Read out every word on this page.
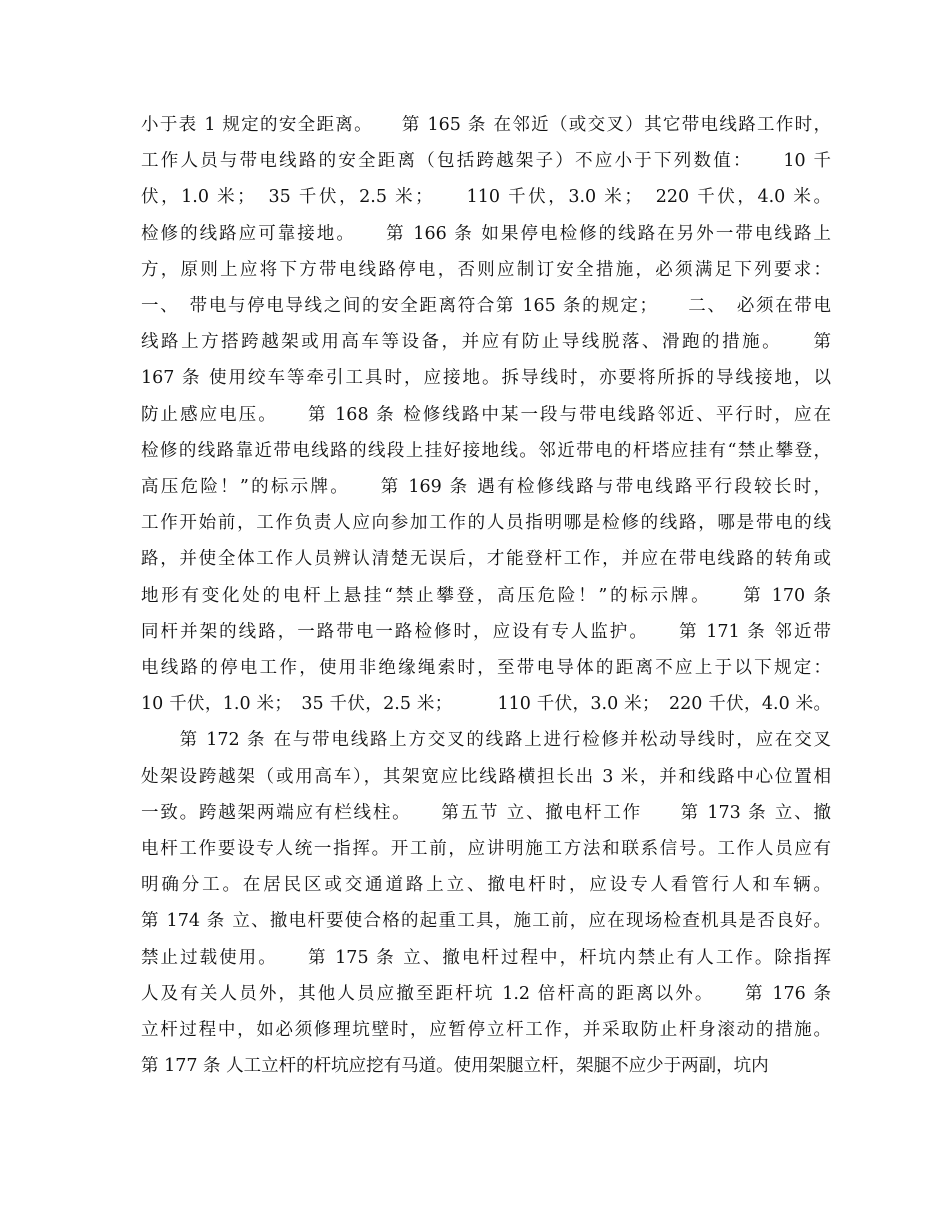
小于表 1 规定的安全距离。　　第 165 条 在邻近（或交叉）其它带电线路工作时，
工作人员与带电线路的安全距离（包括跨越架子）不应小于下列数值：　　10 千
伏，1.0 米；　35 千伏，2.5 米；　　110 千伏，3.0 米；　220 千伏，4.0 米。
检修的线路应可靠接地。　　第 166 条 如果停电检修的线路在另外一带电线路上
方，原则上应将下方带电线路停电，否则应制订安全措施，必须满足下列要求：
一、　带电与停电导线之间的安全距离符合第 165 条的规定；　　二、　必须在带电
线路上方搭跨越架或用高车等设备，并应有防止导线脱落、滑跑的措施。　　第
167 条 使用绞车等牵引工具时，应接地。拆导线时，亦要将所拆的导线接地，以
防止感应电压。　　第 168 条 检修线路中某一段与带电线路邻近、平行时，应在
检修的线路靠近带电线路的线段上挂好接地线。邻近带电的杆塔应挂有“禁止攀登，
高压危险！”的标示牌。　　第 169 条 遇有检修线路与带电线路平行段较长时，
工作开始前，工作负责人应向参加工作的人员指明哪是检修的线路，哪是带电的线
路，并使全体工作人员辨认清楚无误后，才能登杆工作，并应在带电线路的转角或
地形有变化处的电杆上悬挂“禁止攀登，高压危险！”的标示牌。　　第 170 条
同杆并架的线路，一路带电一路检修时，应设有专人监护。　　第 171 条 邻近带
电线路的停电工作，使用非绝缘绳索时，至带电导体的距离不应上于以下规定：
10 千伏，1.0 米；　35 千伏，2.5 米；　　　110 千伏，3.0 米；　220 千伏，4.0 米。
　　第 172 条 在与带电线路上方交叉的线路上进行检修并松动导线时，应在交叉
处架设跨越架（或用高车），其架宽应比线路横担长出 3 米，并和线路中心位置相
一致。跨越架两端应有栏线柱。　　第五节 立、撤电杆工作　　第 173 条 立、撤
电杆工作要设专人统一指挥。开工前，应讲明施工方法和联系信号。工作人员应有
明确分工。在居民区或交通道路上立、撤电杆时，应设专人看管行人和车辆。
第 174 条 立、撤电杆要使合格的起重工具，施工前，应在现场检查机具是否良好。
禁止过载使用。　　第 175 条 立、撤电杆过程中，杆坑内禁止有人工作。除指挥
人及有关人员外，其他人员应撤至距杆坑 1.2 倍杆高的距离以外。　　第 176 条
立杆过程中，如必须修理坑壁时，应暂停立杆工作，并采取防止杆身滚动的措施。
第 177 条 人工立杆的杆坑应挖有马道。使用架腿立杆，架腿不应少于两副，坑内
